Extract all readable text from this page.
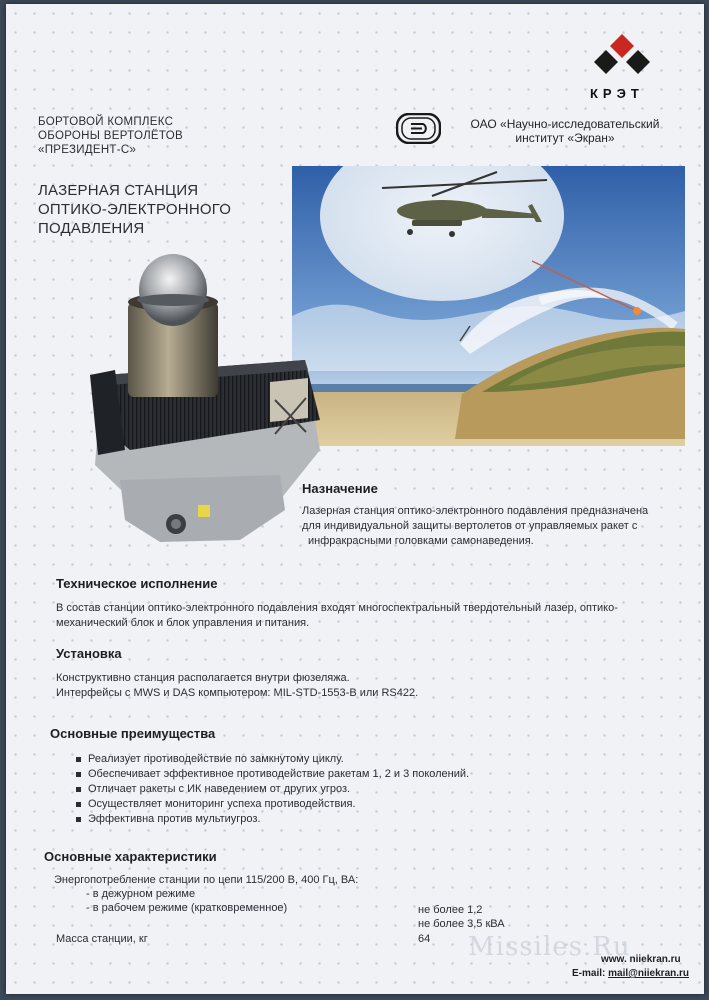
КРЭТ
БОРТОВОЙ КОМПЛЕКС
ОБОРОНЫ ВЕРТОЛЁТОВ
«ПРЕЗИДЕНТ-С»
ОАО «Научно-исследовательский
институт «Экран»
ЛАЗЕРНАЯ СТАНЦИЯ
ОПТИКО-ЭЛЕКТРОННОГО
ПОДАВЛЕНИЯ
Назначение
Лазерная станция оптико-электронного подавления предназначена
для индивидуальной защиты вертолетов от управляемых ракет с
инфракрасными головками самонаведения.
Техническое исполнение
В состав станции оптико-электронного подавления входят многоспектральный твердотельный лазер, оптико-
механический блок и блок управления и питания.
Установка
Конструктивно станция располагается внутри фюзеляжа.
Интерфейсы с MWS и DAS компьютером: MIL-STD-1553-B или RS422.
Основные преимущества
Реализует противодействие по замкнутому циклу.
Обеспечивает эффективное противодействие ракетам 1, 2 и 3 поколений.
Отличает ракеты с ИК наведением от других угроз.
Осуществляет мониторинг успеха противодействия.
Эффективна против мультиугроз.
Основные характеристики
Энергопотребление станции по цепи 115/200 В, 400 Гц, ВА:
- в дежурном режиме
- в рабочем режиме (кратковременное)
Масса станции, кг
не более 1,2
не более 3,5 кВА
64 Missiles.Ru
www. niiekran.ru
E-mail: mail@niiekran.ru
